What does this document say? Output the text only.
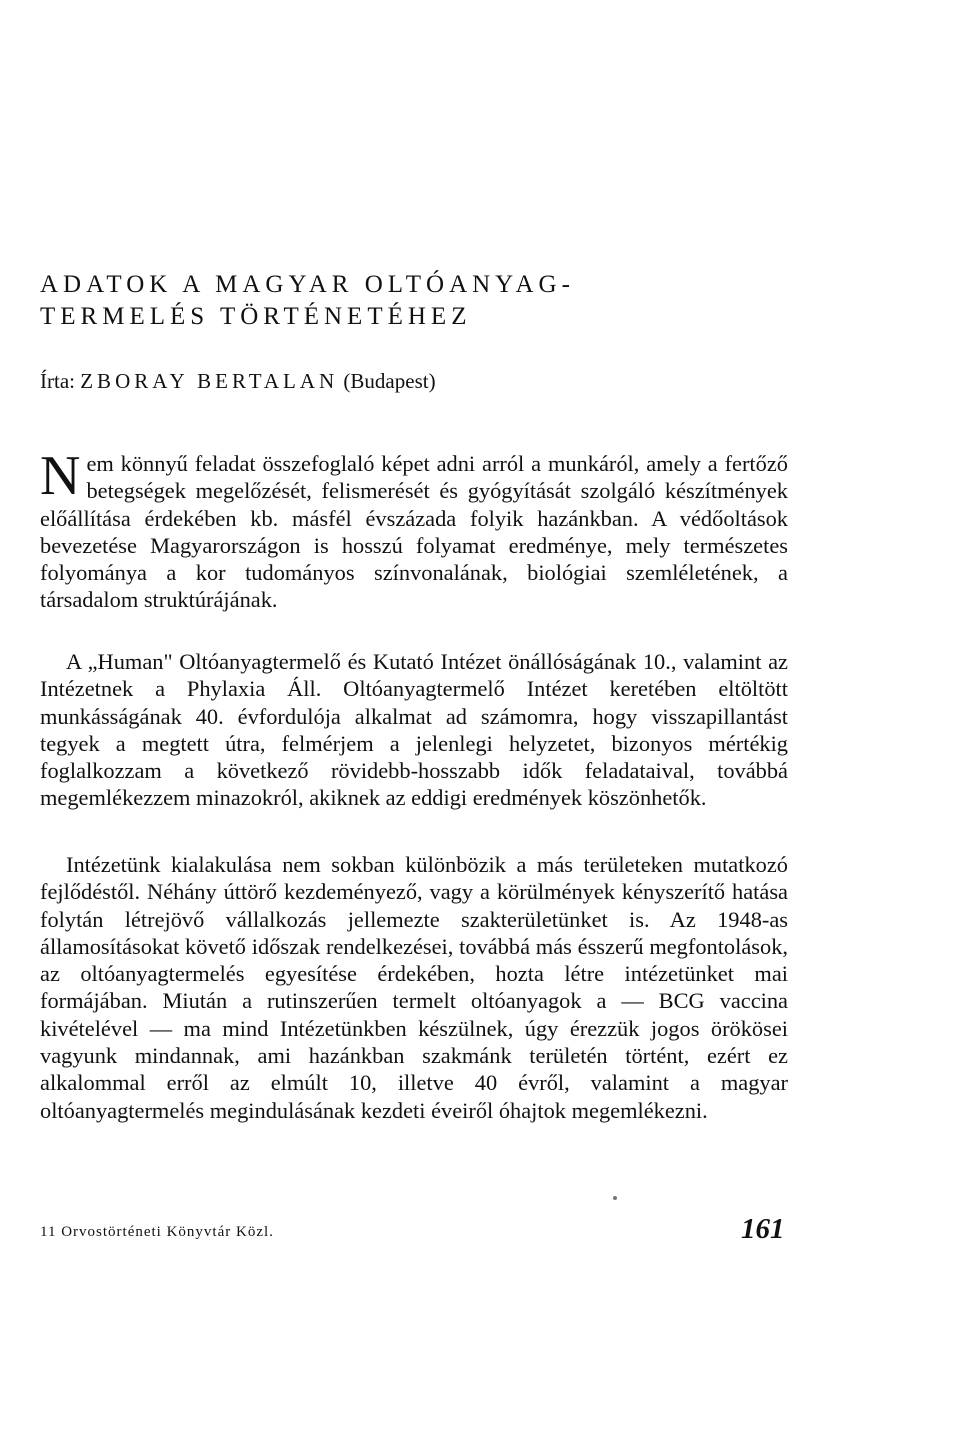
ADATOK A MAGYAR OLTÓANYAG-
TERMELÉS TÖRTÉNETÉHEZ
Írta: ZBORAY BERTALAN (Budapest)
Nem könnyű feladat összefoglaló képet adni arról a munkáról, amely a fertőző betegségek megelőzését, felismerését és gyógyítását szolgáló készítmények előállítása érdekében kb. másfél évszázada folyik hazánkban. A védőoltások bevezetése Magyarországon is hosszú folyamat eredménye, mely természetes folyománya a kor tudományos színvonalának, biológiai szemléletének, a társadalom struktúrájának.
A „Human" Oltóanyagtermelő és Kutató Intézet önállóságának 10., valamint az Intézetnek a Phylaxia Áll. Oltóanyagtermelő Intézet keretében eltöltött munkásságának 40. évfordulója alkalmat ad számomra, hogy visszapillantást tegyek a megtett útra, felmérjem a jelenlegi helyzetet, bizonyos mértékig foglalkozzam a következő rövidebb-hosszabb idők feladataival, továbbá megemlékezzem minazokról, akiknek az eddigi eredmények köszönhetők.
Intézetünk kialakulása nem sokban különbözik a más területeken mutatkozó fejlődéstől. Néhány úttörő kezdeményező, vagy a körülmények kényszerítő hatása folytán létrejövő vállalkozás jellemezte szakterületünket is. Az 1948-as államosításokat követő időszak rendelkezései, továbbá más ésszerű megfontolások, az oltóanyagtermelés egyesítése érdekében, hozta létre intézetünket mai formájában. Miután a rutinszerűen termelt oltóanyagok a — BCG vaccina kivételével — ma mind Intézetünkben készülnek, úgy érezzük jogos örökösei vagyunk mindannak, ami hazánkban szakmánk területén történt, ezért ez alkalommal erről az elmúlt 10, illetve 40 évről, valamint a magyar oltóanyagtermelés megindulásának kezdeti éveiről óhajtok megemlékezni.
11 Orvostörténeti Könyvtár Közl.	161
